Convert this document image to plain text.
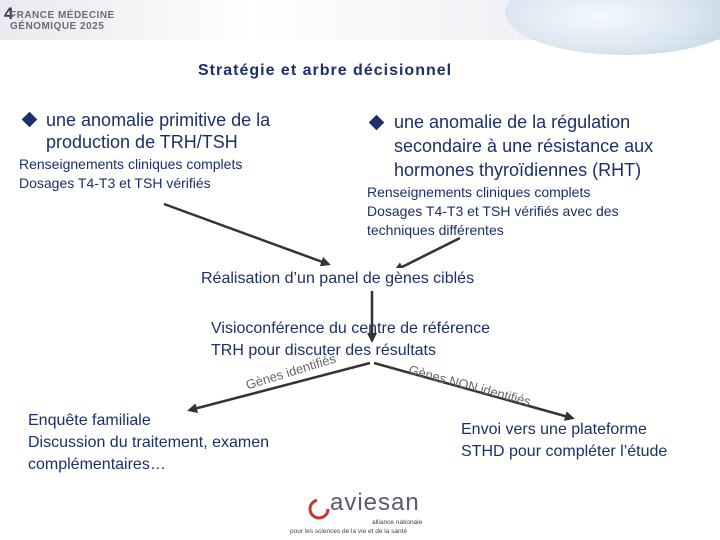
4
FRANCE MÉDECINE
GÉNOMIQUE 2025
Stratégie et arbre décisionnel
une anomalie primitive de la
production de TRH/TSH
Renseignements cliniques complets
Dosages T4-T3 et TSH vérifiés
une anomalie de la régulation
secondaire à une résistance aux
hormones thyroïdiennes (RHT)
Renseignements cliniques complets
Dosages T4-T3 et TSH vérifiés avec des
techniques différentes
Réalisation d’un panel de gènes ciblés
Visioconférence du centre de référence
TRH pour discuter des résultats
Gènes identifiés	Gènes NON identifiés
Enquête familiale
Discussion du traitement, examen
complémentaires…
Envoi vers une plateforme
STHD pour compléter l’étude
aviesan
alliance nationale
pour les sciences de la vie et de la santé
